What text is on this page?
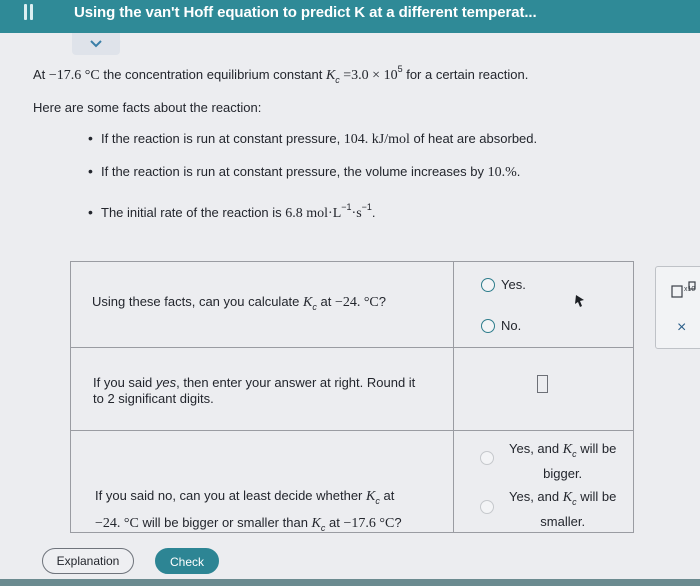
Using the van't Hoff equation to predict K at a different temperat...
At −17.6 °C the concentration equilibrium constant $K_c =3.0 \times 10^5$ for a certain reaction.
Here are some facts about the reaction:
• If the reaction is run at constant pressure, 104. kJ/mol of heat are absorbed.
• If the reaction is run at constant pressure, the volume increases by 10.%.
• The initial rate of the reaction is 6.8 $mol\cdot L^{-1}\cdot s^{-1}$.
Using these facts, can you calculate $K_c$ at −24. °C?
Yes.
No.
If you said yes, then enter your answer at right. Round it
to 2 significant digits.
If you said no, can you at least decide whether $K_c$ at
−24. °C will be bigger or smaller than $K_c$ at −17.6 °C?
Yes, and $K_c$ will be
bigger.
Yes, and $K_c$ will be
smaller.
x10
×
Explanation	Check
